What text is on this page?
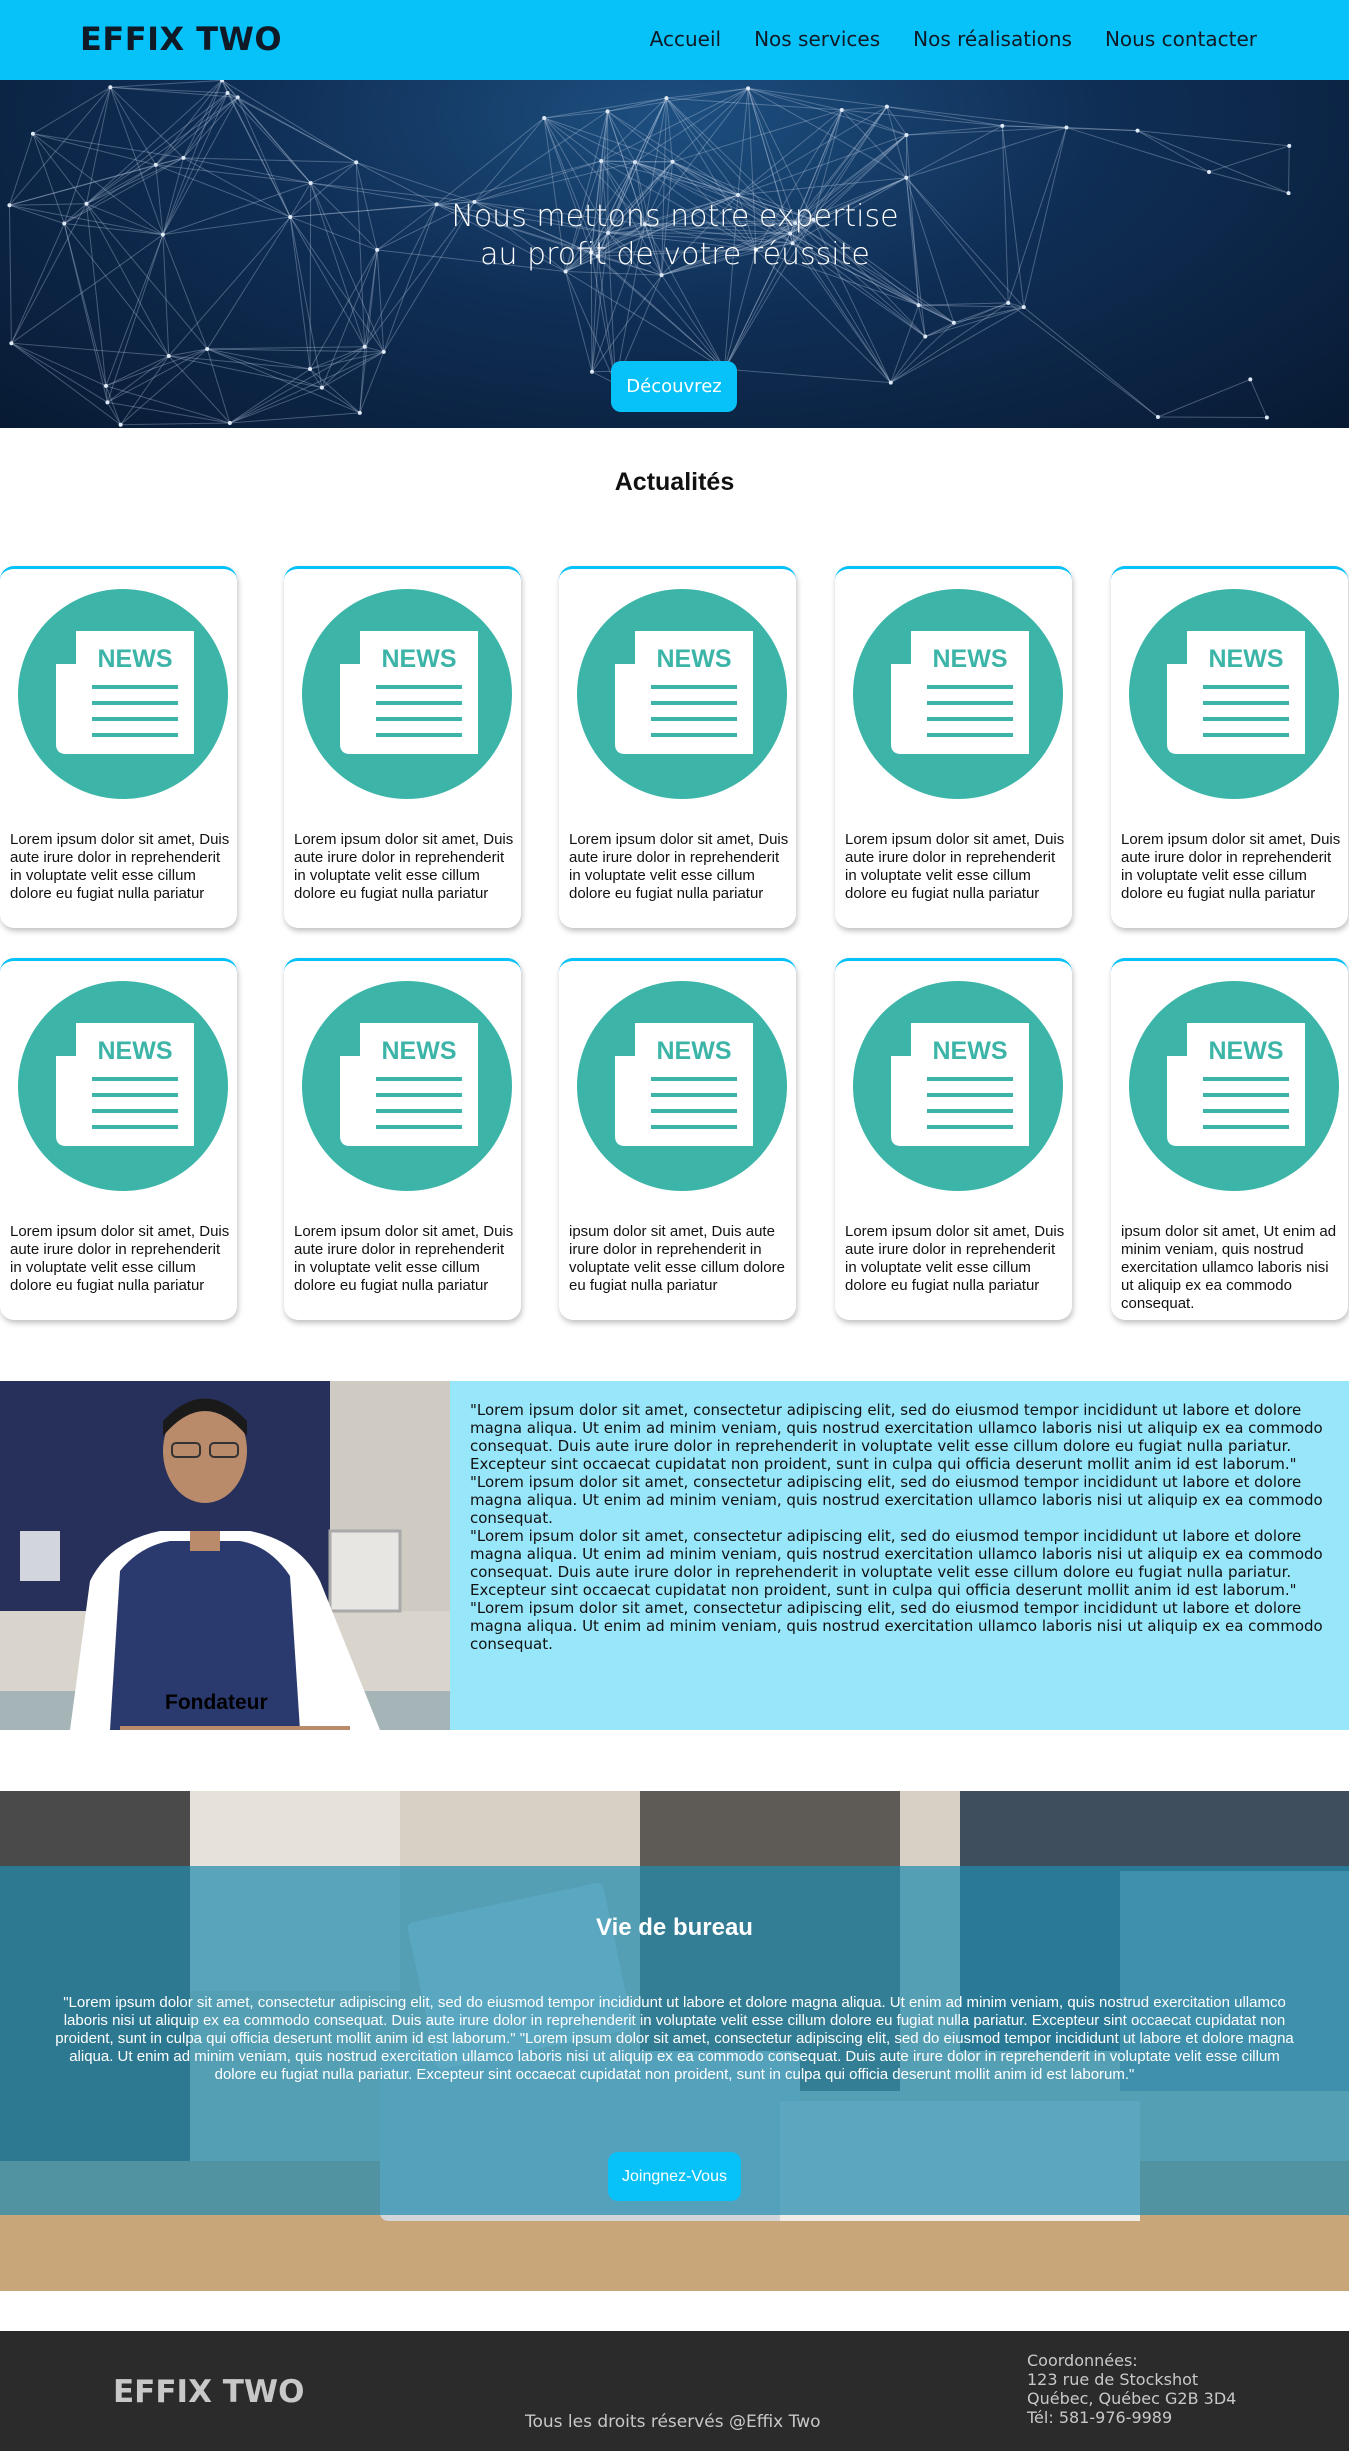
EFFIX TWO	Accueil Nos services Nos réalisations Nous contacter
Nous mettons notre expertise au profit de votre réussite
Découvrez
Actualités
NEWS
Lorem ipsum dolor sit amet, Duis aute irure dolor in reprehenderit in voluptate velit esse cillum dolore eu fugiat nulla pariatur
NEWS
Lorem ipsum dolor sit amet, Duis aute irure dolor in reprehenderit in voluptate velit esse cillum dolore eu fugiat nulla pariatur
NEWS
Lorem ipsum dolor sit amet, Duis aute irure dolor in reprehenderit in voluptate velit esse cillum dolore eu fugiat nulla pariatur
NEWS
Lorem ipsum dolor sit amet, Duis aute irure dolor in reprehenderit in voluptate velit esse cillum dolore eu fugiat nulla pariatur
NEWS
Lorem ipsum dolor sit amet, Duis aute irure dolor in reprehenderit in voluptate velit esse cillum dolore eu fugiat nulla pariatur
NEWS
Lorem ipsum dolor sit amet, Duis aute irure dolor in reprehenderit in voluptate velit esse cillum dolore eu fugiat nulla pariatur
NEWS
Lorem ipsum dolor sit amet, Duis aute irure dolor in reprehenderit in voluptate velit esse cillum dolore eu fugiat nulla pariatur
NEWS
ipsum dolor sit amet, Duis aute irure dolor in reprehenderit in voluptate velit esse cillum dolore eu fugiat nulla pariatur
NEWS
Lorem ipsum dolor sit amet, Duis aute irure dolor in reprehenderit in voluptate velit esse cillum dolore eu fugiat nulla pariatur
NEWS
ipsum dolor sit amet, Ut enim ad minim veniam, quis nostrud exercitation ullamco laboris nisi ut aliquip ex ea commodo consequat.
Fondateur
"Lorem ipsum dolor sit amet, consectetur adipiscing elit, sed do eiusmod tempor incididunt ut labore et dolore magna aliqua. Ut enim ad minim veniam, quis nostrud exercitation ullamco laboris nisi ut aliquip ex ea commodo consequat. Duis aute irure dolor in reprehenderit in voluptate velit esse cillum dolore eu fugiat nulla pariatur. Excepteur sint occaecat cupidatat non proident, sunt in culpa qui officia deserunt mollit anim id est laborum." "Lorem ipsum dolor sit amet, consectetur adipiscing elit, sed do eiusmod tempor incididunt ut labore et dolore magna aliqua. Ut enim ad minim veniam, quis nostrud exercitation ullamco laboris nisi ut aliquip ex ea commodo consequat.
"Lorem ipsum dolor sit amet, consectetur adipiscing elit, sed do eiusmod tempor incididunt ut labore et dolore magna aliqua. Ut enim ad minim veniam, quis nostrud exercitation ullamco laboris nisi ut aliquip ex ea commodo consequat. Duis aute irure dolor in reprehenderit in voluptate velit esse cillum dolore eu fugiat nulla pariatur. Excepteur sint occaecat cupidatat non proident, sunt in culpa qui officia deserunt mollit anim id est laborum." "Lorem ipsum dolor sit amet, consectetur adipiscing elit, sed do eiusmod tempor incididunt ut labore et dolore magna aliqua. Ut enim ad minim veniam, quis nostrud exercitation ullamco laboris nisi ut aliquip ex ea commodo consequat.
Vie de bureau
"Lorem ipsum dolor sit amet, consectetur adipiscing elit, sed do eiusmod tempor incididunt ut labore et dolore magna aliqua. Ut enim ad minim veniam, quis nostrud exercitation ullamco laboris nisi ut aliquip ex ea commodo consequat. Duis aute irure dolor in reprehenderit in voluptate velit esse cillum dolore eu fugiat nulla pariatur. Excepteur sint occaecat cupidatat non proident, sunt in culpa qui officia deserunt mollit anim id est laborum." "Lorem ipsum dolor sit amet, consectetur adipiscing elit, sed do eiusmod tempor incididunt ut labore et dolore magna aliqua. Ut enim ad minim veniam, quis nostrud exercitation ullamco laboris nisi ut aliquip ex ea commodo consequat. Duis aute irure dolor in reprehenderit in voluptate velit esse cillum dolore eu fugiat nulla pariatur. Excepteur sint occaecat cupidatat non proident, sunt in culpa qui officia deserunt mollit anim id est laborum."
Joingnez-Vous
EFFIX TWO
Tous les droits réservés @Effix Two
Coordonnées:
123 rue de Stockshot
Québec, Québec G2B 3D4
Tél: 581-976-9989
